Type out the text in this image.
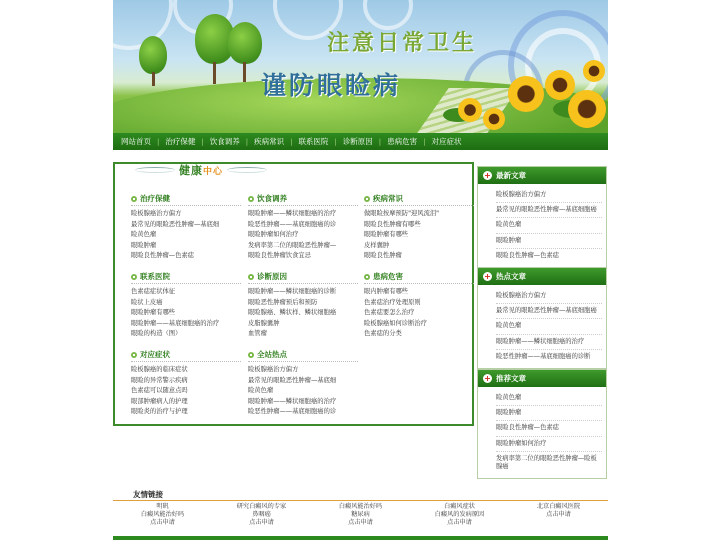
注意日常卫生
谨防眼睑病
网站首页 | 治疗保健 | 饮食调养 | 疾病常识 | 联系医院 | 诊断原因 | 患病危害 | 对应症状
健康中心
治疗保健
睑板腺癌治方偏方
最常见的眼睑恶性肿瘤—基底细
睑黄色瘤
眼睑肿瘤
眼睑良性肿瘤—色素痣
饮食调养
眼睑肿瘤——鳞状细胞癌的治疗
睑恶性肿瘤——基底细胞癌的诊
眼睑肿瘤如何治疗
发病率第二位的眼睑恶性肿瘤—
眼睑良性肿瘤饮食宜忌
疾病常识
做眼睑按摩预防"迎风流泪"
眼睑良性肿瘤有哪些
眼睑肿瘤有哪些
皮样囊肿
眼睑良性肿瘤
联系医院
色素痣症状体征
睑状上皮癌
眼睑肿瘤有哪些
眼睑肿瘤——基底细胞癌的治疗
眼睑的构造（图）
诊断原因
眼睑肿瘤——鳞状细胞癌的诊断
眼睑恶性肿瘤预后和预防
眼睑腺癌、鳞状样、鳞状细胞癌
皮脂腺囊肿
血管瘤
患病危害
眼内肿瘤有哪些
色素痣治疗处理原则
色素痣要怎么治疗
睑板腺癌如何诊断治疗
色素痣的分类
对应症状
睑板腺癌的临床症状
眼睑的异常警示疾病
色素痣可以随意点吗
眼部肿瘤病人的护理
眼睑炎的治疗与护理
全站热点
睑板腺癌治方偏方
最常见的眼睑恶性肿瘤—基底细
睑黄色瘤
眼睑肿瘤——鳞状细胞癌的治疗
睑恶性肿瘤——基底细胞癌的诊
+ 最新文章
睑板腺癌治方偏方
最常见的眼睑恶性肿瘤—基底细胞癌
睑黄色瘤
眼睑肿瘤
眼睑良性肿瘤—色素痣
+ 热点文章
睑板腺癌治方偏方
最常见的眼睑恶性肿瘤—基底细胞癌
睑黄色瘤
眼睑肿瘤——鳞状细胞癌的治疗
睑恶性肿瘤——基底细胞癌的诊断
+ 推荐文章
睑黄色瘤
眼睑肿瘤
眼睑良性肿瘤—色素痣
眼睑肿瘤如何治疗
发病率第二位的眼睑恶性肿瘤—睑板腺癌
友情链接
明矾
白癜风能治好吗
点击申请
研究白癜风的专家
鼻咽癌
点击申请
白癜风能治好吗
糖尿病
点击申请
白癜风症状
白癜风的发病原因
点击申请
北京白癜风医院
点击申请
